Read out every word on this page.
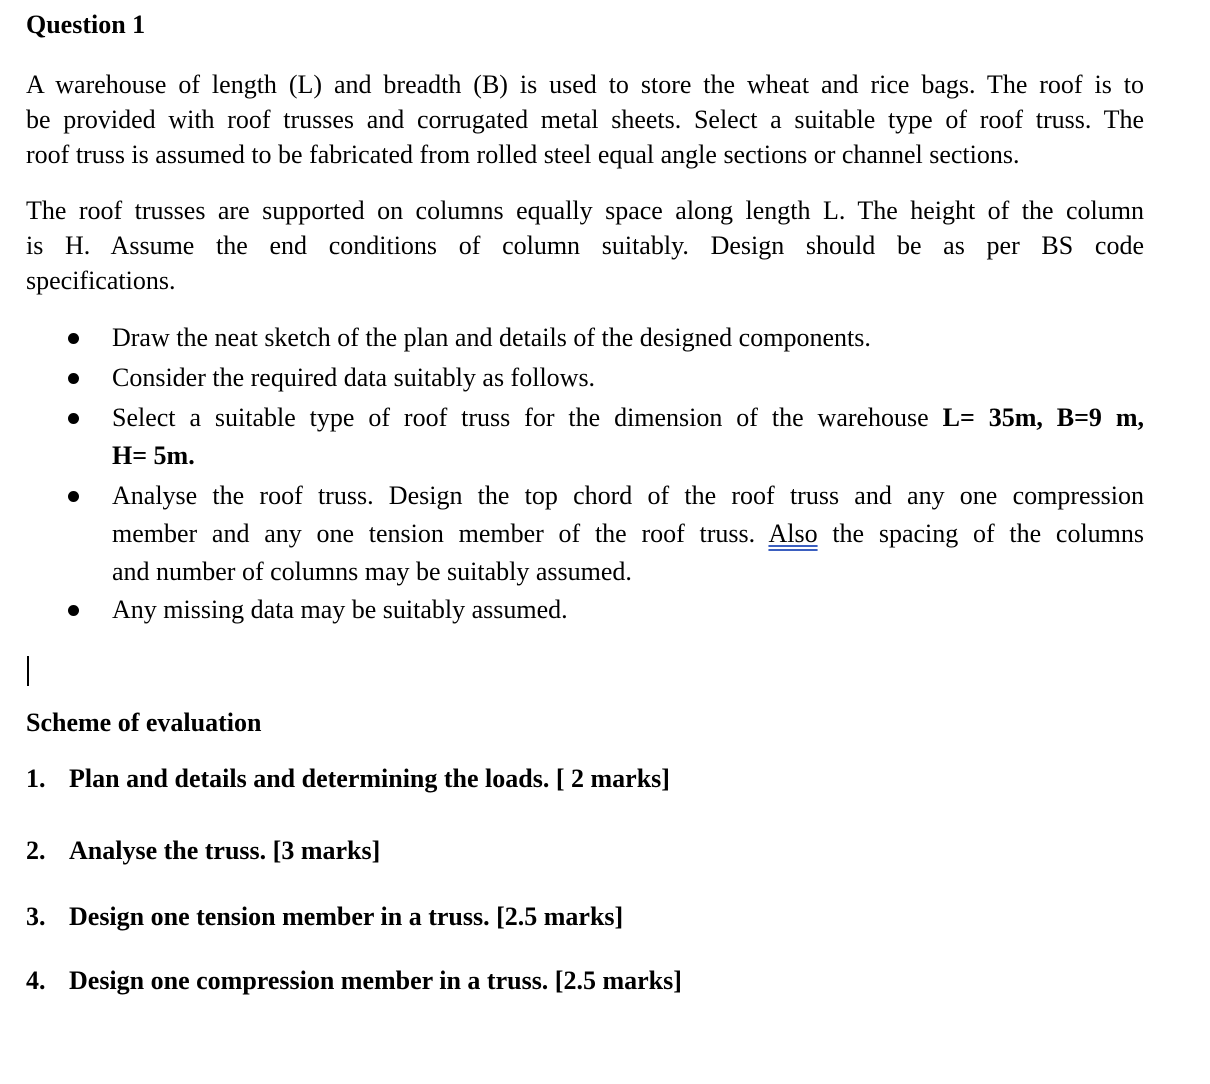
Question 1
A warehouse of length (L) and breadth (B) is used to store the wheat and rice bags. The roof is to
be provided with roof trusses and corrugated metal sheets. Select a suitable type of roof truss. The
roof truss is assumed to be fabricated from rolled steel equal angle sections or channel sections.
The roof trusses are supported on columns equally space along length L. The height of the column
is H. Assume the end conditions of column suitably. Design should be as per BS code
specifications.
Draw the neat sketch of the plan and details of the designed components.
Consider the required data suitably as follows.
Select a suitable type of roof truss for the dimension of the warehouse L= 35m, B=9 m,
H= 5m.
Analyse the roof truss. Design the top chord of the roof truss and any one compression
member and any one tension member of the roof truss. Also the spacing of the columns
and number of columns may be suitably assumed.
Any missing data may be suitably assumed.
Scheme of evaluation
1. Plan and details and determining the loads. [ 2 marks]
2. Analyse the truss. [3 marks]
3. Design one tension member in a truss. [2.5 marks]
4. Design one compression member in a truss. [2.5 marks]
